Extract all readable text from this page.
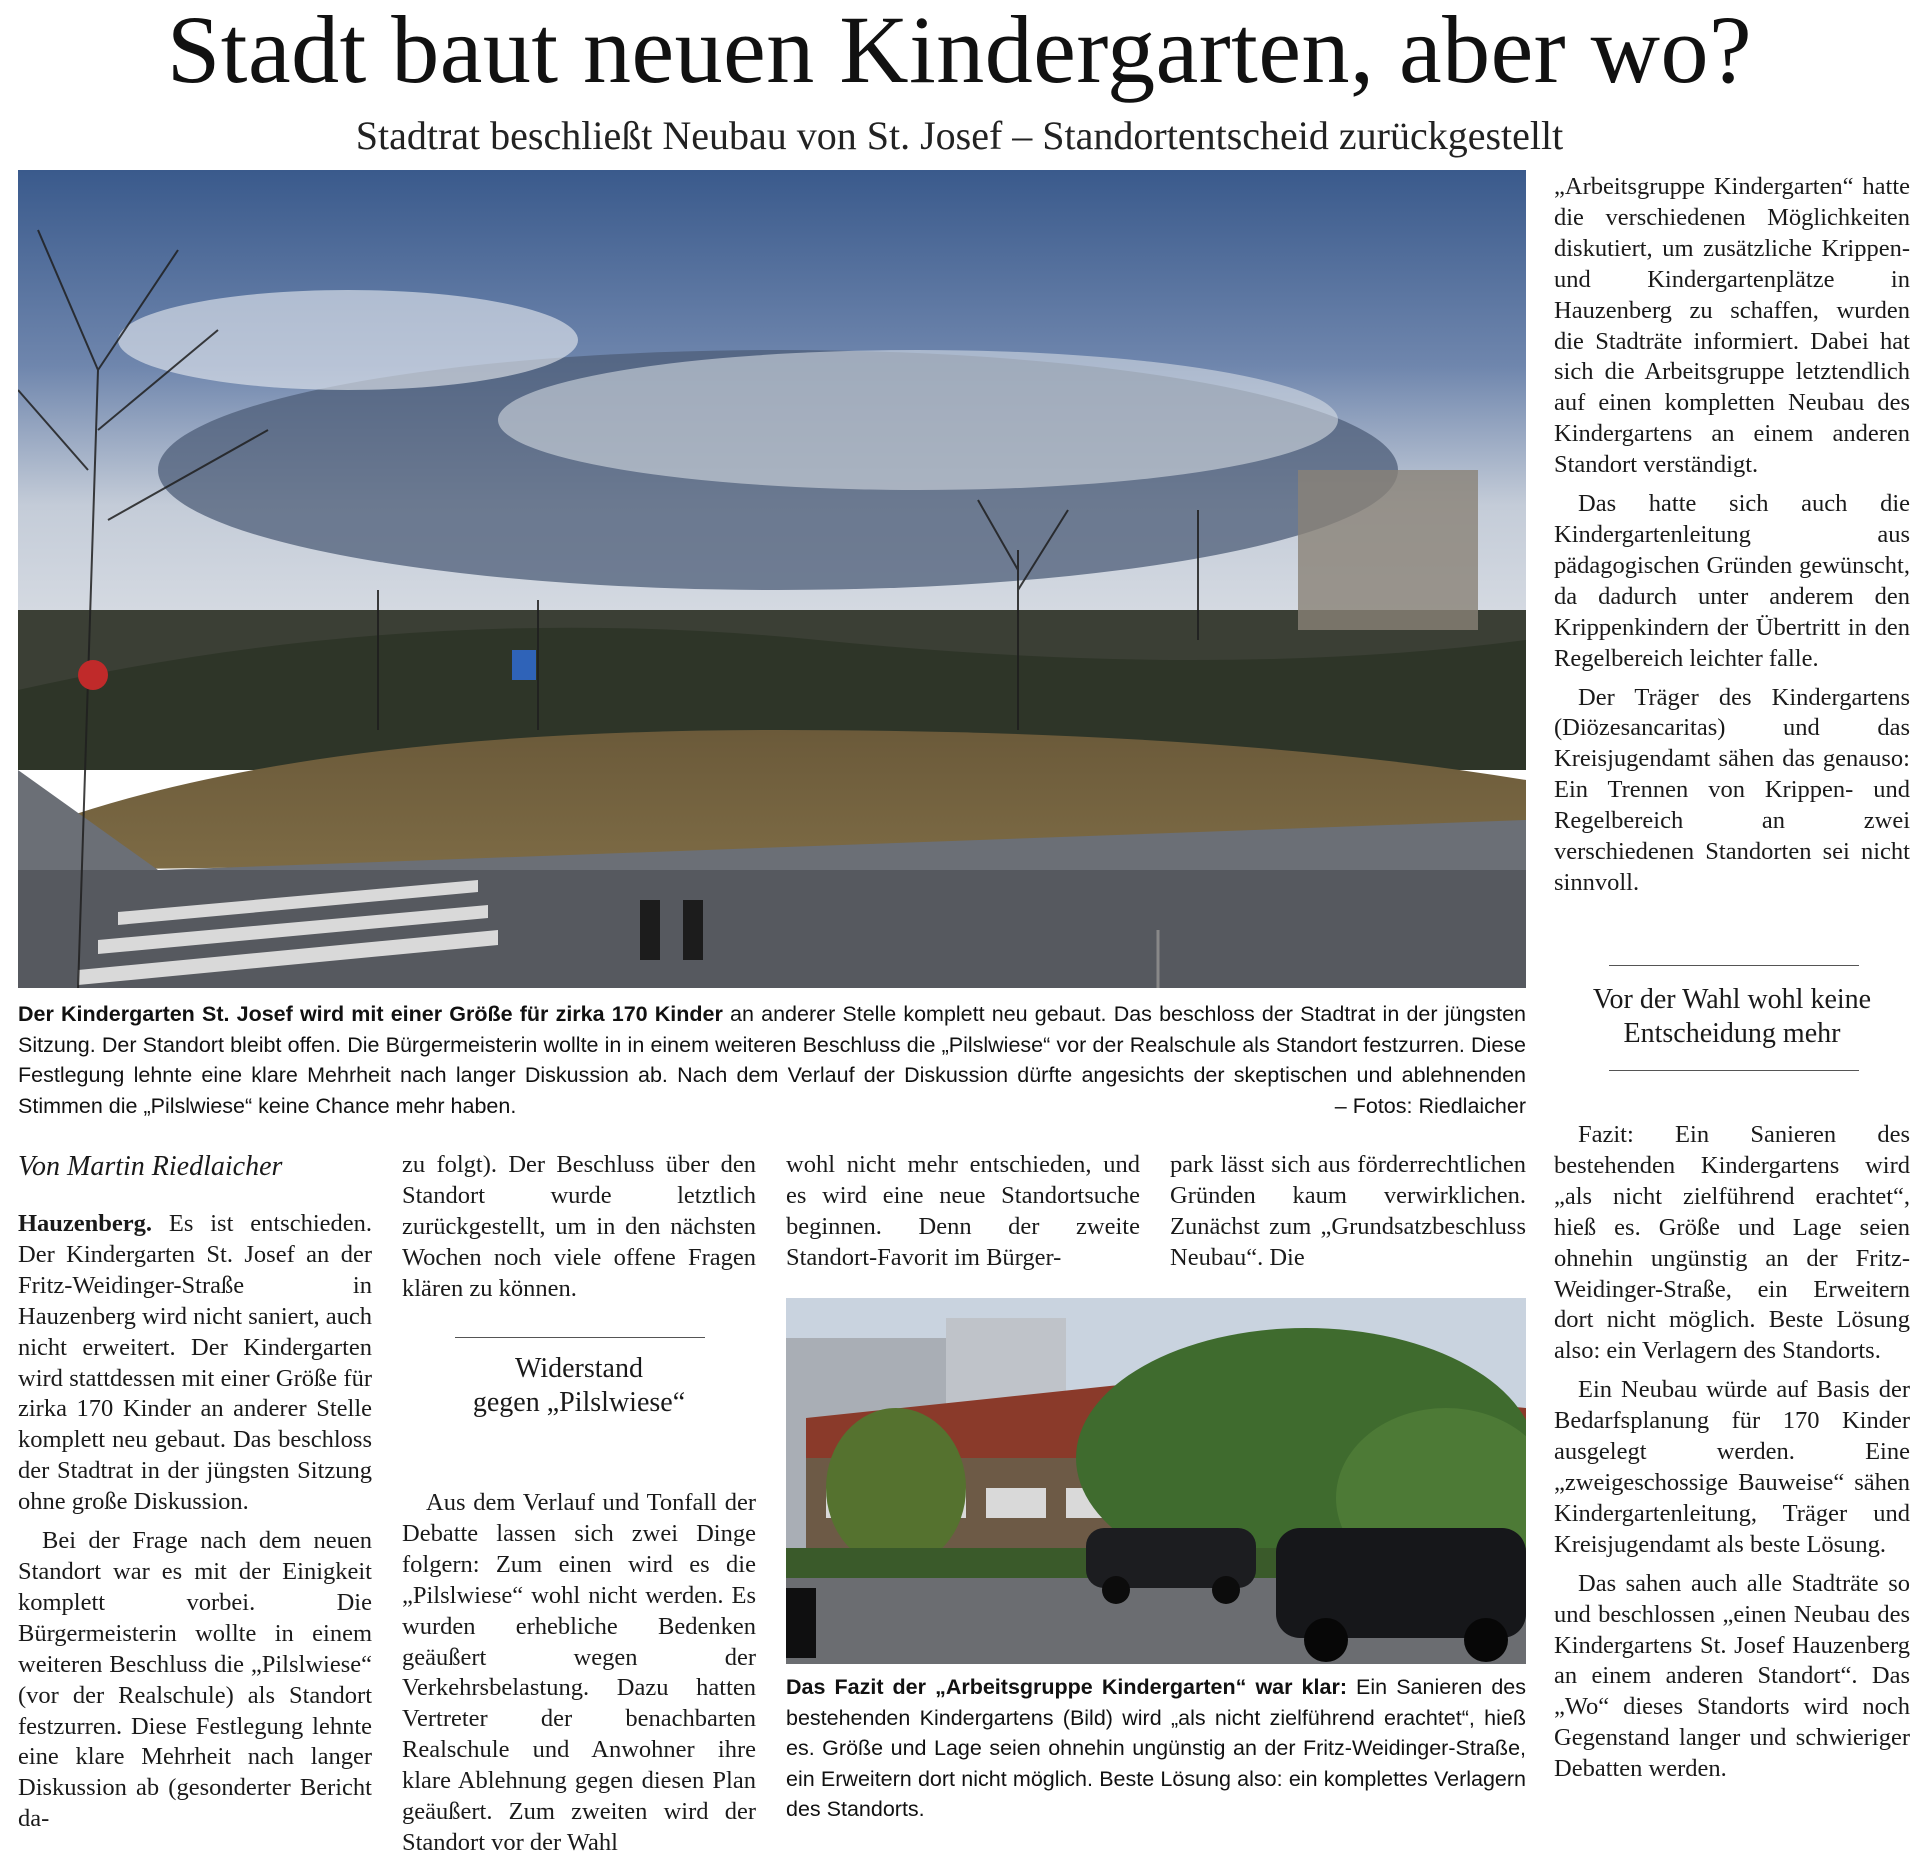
Stadt baut neuen Kindergarten, aber wo?
Stadtrat beschließt Neubau von St. Josef – Standortentscheid zurückgestellt
Der Kindergarten St. Josef wird mit einer Größe für zirka 170 Kinder an anderer Stelle komplett neu gebaut. Das beschloss der Stadtrat in der jüngsten Sitzung. Der Standort bleibt offen. Die Bürgermeisterin wollte in in einem weiteren Beschluss die „Pilslwiese“ vor der Realschule als Standort festzurren. Diese Festlegung lehnte eine klare Mehrheit nach langer Diskussion ab. Nach dem Verlauf der Diskussion dürfte angesichts der skeptischen und ablehnenden Stimmen die „Pilslwiese“ keine Chance mehr haben.	– Fotos: Riedlaicher
Von Martin Riedlaicher

Hauzenberg. Es ist entschieden. Der Kindergarten St. Josef an der Fritz-Weidinger-Straße in Hauzenberg wird nicht saniert, auch nicht erweitert. Der Kindergarten wird stattdessen mit einer Größe für zirka 170 Kinder an anderer Stelle komplett neu gebaut. Das beschloss der Stadtrat in der jüngsten Sitzung ohne große Diskussion.

Bei der Frage nach dem neuen Standort war es mit der Einigkeit komplett vorbei. Die Bürgermeisterin wollte in einem weiteren Beschluss die „Pilslwiese“ (vor der Realschule) als Standort festzurren. Diese Festlegung lehnte eine klare Mehrheit nach langer Diskussion ab (gesonderter Bericht da-

zu folgt). Der Beschluss über den Standort wurde letztlich zurückgestellt, um in den nächsten Wochen noch viele offene Fragen klären zu können.

Widerstand
gegen „Pilslwiese“

Aus dem Verlauf und Tonfall der Debatte lassen sich zwei Dinge folgern: Zum einen wird es die „Pilslwiese“ wohl nicht werden. Es wurden erhebliche Bedenken geäußert wegen der Verkehrsbelastung. Dazu hatten Vertreter der benachbarten Realschule und Anwohner ihre klare Ablehnung gegen diesen Plan geäußert. Zum zweiten wird der Standort vor der Wahl

wohl nicht mehr entschieden, und es wird eine neue Standortsuche beginnen. Denn der zweite Standort-Favorit im Bürger-

park lässt sich aus förderrechtlichen Gründen kaum verwirklichen. Zunächst zum „Grundsatzbeschluss Neubau“. Die

Das Fazit der „Arbeitsgruppe Kindergarten“ war klar: Ein Sanieren des bestehenden Kindergartens (Bild) wird „als nicht zielführend erachtet“, hieß es. Größe und Lage seien ohnehin ungünstig an der Fritz-Weidinger-Straße, ein Erweitern dort nicht möglich. Beste Lösung also: ein komplettes Verlagern des Standorts.

„Arbeitsgruppe Kindergarten“ hatte die verschiedenen Möglichkeiten diskutiert, um zusätzliche Krippen- und Kindergartenplätze in Hauzenberg zu schaffen, wurden die Stadträte informiert. Dabei hat sich die Arbeitsgruppe letztendlich auf einen kompletten Neubau des Kindergartens an einem anderen Standort verständigt.

Das hatte sich auch die Kindergartenleitung aus pädagogischen Gründen gewünscht, da dadurch unter anderem den Krippenkindern der Übertritt in den Regelbereich leichter falle.

Der Träger des Kindergartens (Diözesancaritas) und das Kreisjugendamt sähen das genauso: Ein Trennen von Krippen- und Regelbereich an zwei verschiedenen Standorten sei nicht sinnvoll.

Vor der Wahl wohl keine
Entscheidung mehr

Fazit: Ein Sanieren des bestehenden Kindergartens wird „als nicht zielführend erachtet“, hieß es. Größe und Lage seien ohnehin ungünstig an der Fritz-Weidinger-Straße, ein Erweitern dort nicht möglich. Beste Lösung also: ein Verlagern des Standorts.

Ein Neubau würde auf Basis der Bedarfsplanung für 170 Kinder ausgelegt werden. Eine „zweigeschossige Bauweise“ sähen Kindergartenleitung, Träger und Kreisjugendamt als beste Lösung.

Das sahen auch alle Stadträte so und beschlossen „einen Neubau des Kindergartens St. Josef Hauzenberg an einem anderen Standort“. Das „Wo“ dieses Standorts wird noch Gegenstand langer und schwieriger Debatten werden.
